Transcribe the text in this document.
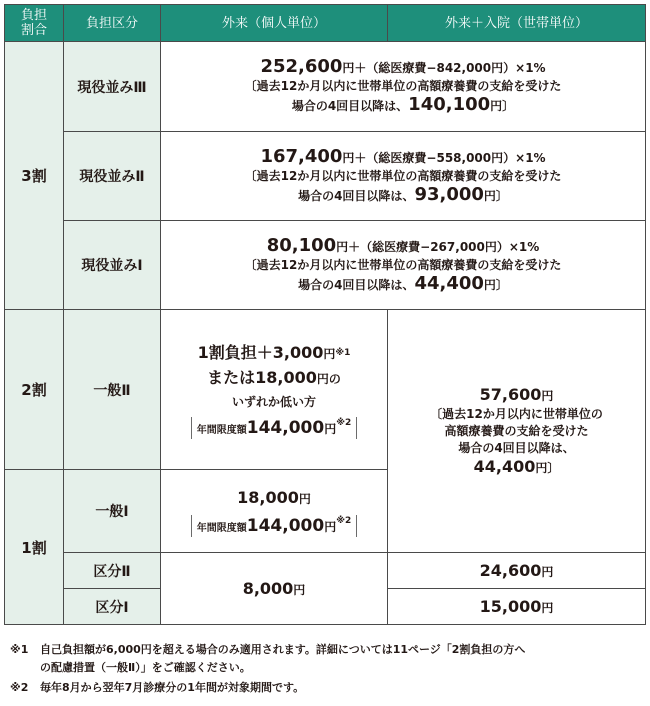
負担
割合	負担区分	外来（個人単位）	外来＋入院（世帯単位）
3割	現役並みⅢ	252,600円＋（総医療費−842,000円）×1%
〔過去12か月以内に世帯単位の高額療養費の支給を受けた
場合の4回目以降は、140,100円〕	

	現役並みⅡ	167,400円＋（総医療費−558,000円）×1%
〔過去12か月以内に世帯単位の高額療養費の支給を受けた
場合の4回目以降は、93,000円〕	

	現役並みⅠ	80,100円＋（総医療費−267,000円）×1%
〔過去12か月以内に世帯単位の高額療養費の支給を受けた
場合の4回目以降は、44,400円〕	

2割	一般Ⅱ	1割負担＋3,000円$^{※1}$
または18,000円の
いずれか低い方
年間限度額144,000円$^{※2}$	57,600円
〔過去12か月以内に世帯単位の
高額療養費の支給を受けた
場合の4回目以降は、
44,400円〕

1割	一般Ⅰ	18,000円
年間限度額144,000円$^{※2}$
	区分Ⅱ	8,000円	24,600円
	区分Ⅰ		15,000円
※1	自己負担額が6,000円を超える場合のみ適用されます。詳細については11ページ「2割負担の方へ
の配慮措置（一般Ⅱ）」をご確認ください。
※2	毎年8月から翌年7月診療分の1年間が対象期間です。
